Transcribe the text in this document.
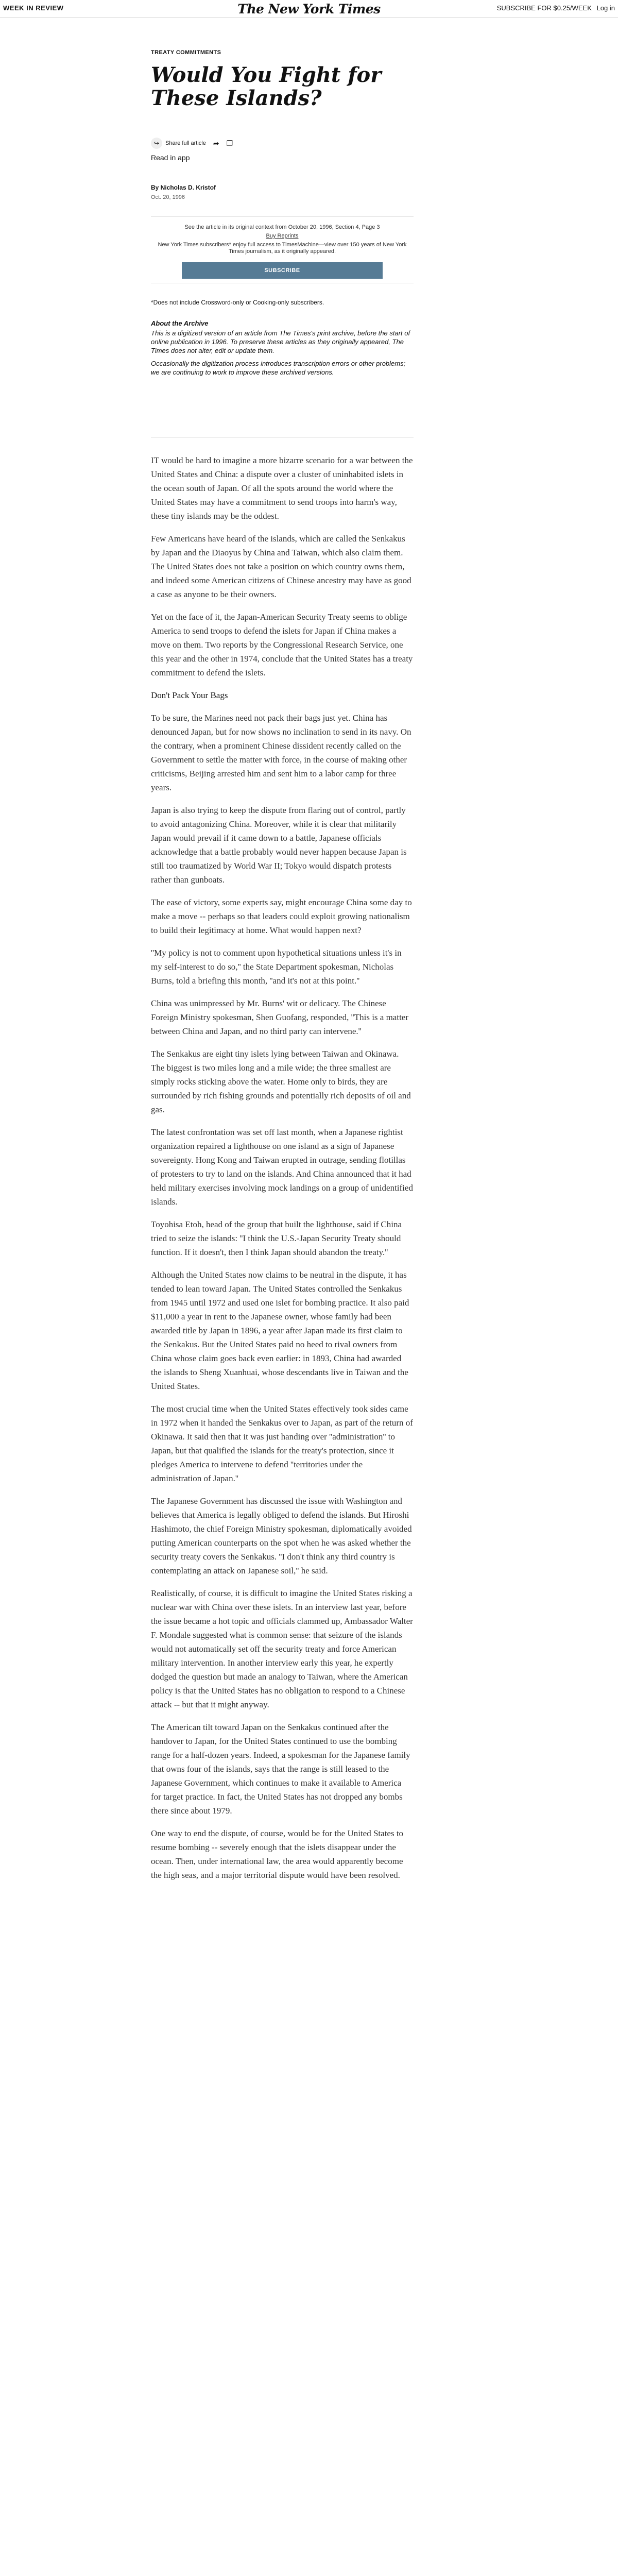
WEEK IN REVIEW	The New York Times	SUBSCRIBE FOR $0.25/WEEK Log in
TREATY COMMITMENTS
Would You Fight for These Islands?
↪	Share full article ➦ ❐
Read in app
By Nicholas D. Kristof
Oct. 20, 1996
See the article in its original context from October 20, 1996, Section 4, Page 3
Buy Reprints
New York Times subscribers* enjoy full access to TimesMachine—view over 150 years of New York Times journalism, as it originally appeared.
SUBSCRIBE
*Does not include Crossword-only or Cooking-only subscribers.
About the Archive

This is a digitized version of an article from The Times's print archive, before the start of online publication in 1996. To preserve these articles as they originally appeared, The Times does not alter, edit or update them.

Occasionally the digitization process introduces transcription errors or other problems; we are continuing to work to improve these archived versions.

IT would be hard to imagine a more bizarre scenario for a war between the United States and China: a dispute over a cluster of uninhabited islets in the ocean south of Japan. Of all the spots around the world where the United States may have a commitment to send troops into harm's way, these tiny islands may be the oddest.

Few Americans have heard of the islands, which are called the Senkakus by Japan and the Diaoyus by China and Taiwan, which also claim them. The United States does not take a position on which country owns them, and indeed some American citizens of Chinese ancestry may have as good a case as anyone to be their owners.

Yet on the face of it, the Japan-American Security Treaty seems to oblige America to send troops to defend the islets for Japan if China makes a move on them. Two reports by the Congressional Research Service, one this year and the other in 1974, conclude that the United States has a treaty commitment to defend the islets.

Don't Pack Your Bags

To be sure, the Marines need not pack their bags just yet. China has denounced Japan, but for now shows no inclination to send in its navy. On the contrary, when a prominent Chinese dissident recently called on the Government to settle the matter with force, in the course of making other criticisms, Beijing arrested him and sent him to a labor camp for three years.

Japan is also trying to keep the dispute from flaring out of control, partly to avoid antagonizing China. Moreover, while it is clear that militarily Japan would prevail if it came down to a battle, Japanese officials acknowledge that a battle probably would never happen because Japan is still too traumatized by World War II; Tokyo would dispatch protests rather than gunboats.

The ease of victory, some experts say, might encourage China some day to make a move -- perhaps so that leaders could exploit growing nationalism to build their legitimacy at home. What would happen next?

''My policy is not to comment upon hypothetical situations unless it's in my self-interest to do so,'' the State Department spokesman, Nicholas Burns, told a briefing this month, ''and it's not at this point.''

China was unimpressed by Mr. Burns' wit or delicacy. The Chinese Foreign Ministry spokesman, Shen Guofang, responded, ''This is a matter between China and Japan, and no third party can intervene.''

The Senkakus are eight tiny islets lying between Taiwan and Okinawa. The biggest is two miles long and a mile wide; the three smallest are simply rocks sticking above the water. Home only to birds, they are surrounded by rich fishing grounds and potentially rich deposits of oil and gas.

The latest confrontation was set off last month, when a Japanese rightist organization repaired a lighthouse on one island as a sign of Japanese sovereignty. Hong Kong and Taiwan erupted in outrage, sending flotillas of protesters to try to land on the islands. And China announced that it had held military exercises involving mock landings on a group of unidentified islands.

Toyohisa Etoh, head of the group that built the lighthouse, said if China tried to seize the islands: ''I think the U.S.-Japan Security Treaty should function. If it doesn't, then I think Japan should abandon the treaty.''

Although the United States now claims to be neutral in the dispute, it has tended to lean toward Japan. The United States controlled the Senkakus from 1945 until 1972 and used one islet for bombing practice. It also paid $11,000 a year in rent to the Japanese owner, whose family had been awarded title by Japan in 1896, a year after Japan made its first claim to the Senkakus. But the United States paid no heed to rival owners from China whose claim goes back even earlier: in 1893, China had awarded the islands to Sheng Xuanhuai, whose descendants live in Taiwan and the United States.

The most crucial time when the United States effectively took sides came in 1972 when it handed the Senkakus over to Japan, as part of the return of Okinawa. It said then that it was just handing over ''administration'' to Japan, but that qualified the islands for the treaty's protection, since it pledges America to intervene to defend ''territories under the administration of Japan.''

The Japanese Government has discussed the issue with Washington and believes that America is legally obliged to defend the islands. But Hiroshi Hashimoto, the chief Foreign Ministry spokesman, diplomatically avoided putting American counterparts on the spot when he was asked whether the security treaty covers the Senkakus. ''I don't think any third country is contemplating an attack on Japanese soil,'' he said.

Realistically, of course, it is difficult to imagine the United States risking a nuclear war with China over these islets. In an interview last year, before the issue became a hot topic and officials clammed up, Ambassador Walter F. Mondale suggested what is common sense: that seizure of the islands would not automatically set off the security treaty and force American military intervention. In another interview early this year, he expertly dodged the question but made an analogy to Taiwan, where the American policy is that the United States has no obligation to respond to a Chinese attack -- but that it might anyway.

The American tilt toward Japan on the Senkakus continued after the handover to Japan, for the United States continued to use the bombing range for a half-dozen years. Indeed, a spokesman for the Japanese family that owns four of the islands, says that the range is still leased to the Japanese Government, which continues to make it available to America for target practice. In fact, the United States has not dropped any bombs there since about 1979.

One way to end the dispute, of course, would be for the United States to resume bombing -- severely enough that the islets disappear under the ocean. Then, under international law, the area would apparently become the high seas, and a major territorial dispute would have been resolved.
